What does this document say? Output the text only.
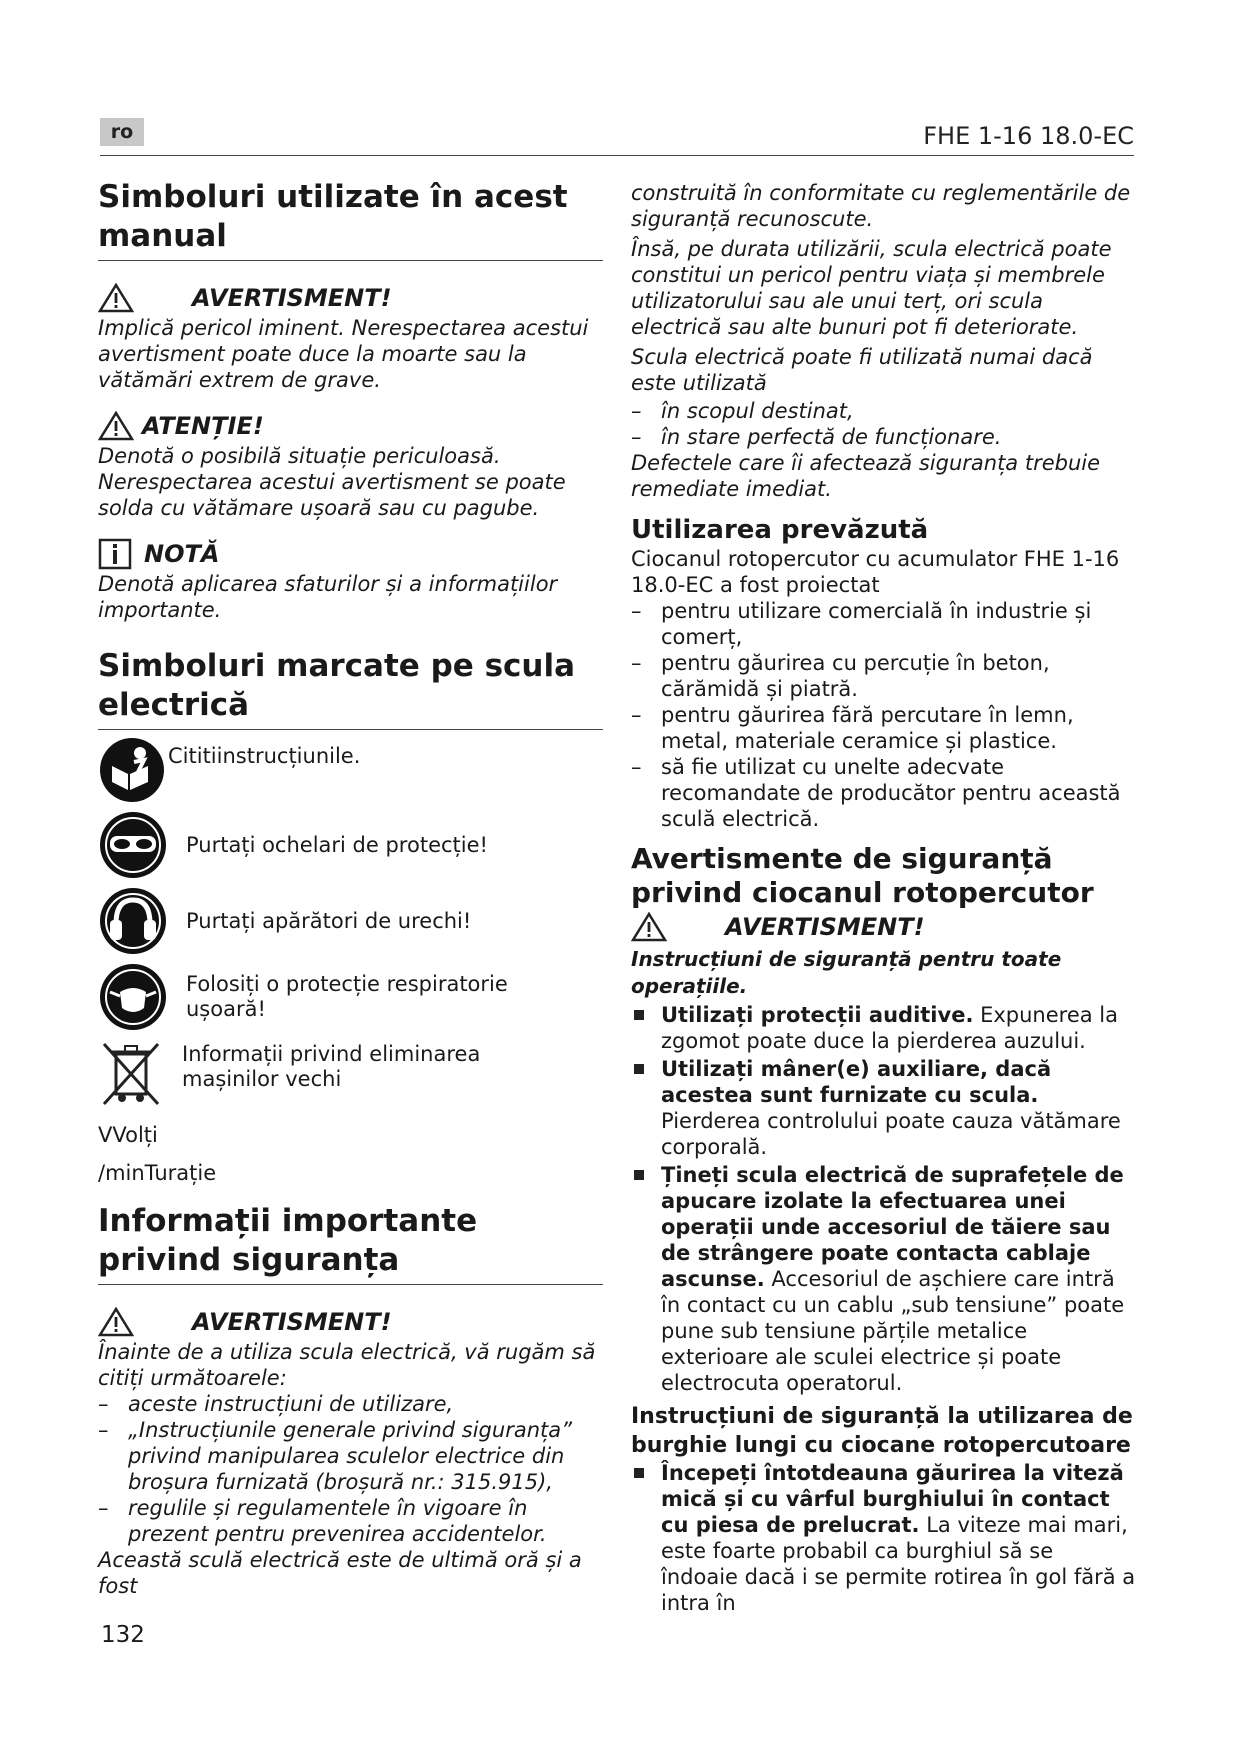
ro	FHE 1-16 18.0-EC
Simboluri utilizate în acest manual
AVERTISMENT!
Implică pericol iminent. Nerespectarea acestui avertisment poate duce la moarte sau la vătămări extrem de grave.
ATENȚIE!
Denotă o posibilă situație periculoasă. Nerespectarea acestui avertisment se poate solda cu vătămare ușoară sau cu pagube.
NOTĂ
Denotă aplicarea sfaturilor și a informațiilor importante.
Simboluri marcate pe scula electrică
Cititiinstrucțiunile.
Purtați ochelari de protecție!
Purtați apărători de urechi!
Folosiți o protecție respiratorie ușoară!
Informații privind eliminarea mașinilor vechi
VVolți
/minTurație
Informații importante privind siguranța
AVERTISMENT!
Înainte de a utiliza scula electrică, vă rugăm să citiți următoarele:
– aceste instrucțiuni de utilizare,
– „Instrucțiunile generale privind siguranța” privind manipularea sculelor electrice din broșura furnizată (broșură nr.: 315.915),
– regulile și regulamentele în vigoare în prezent pentru prevenirea accidentelor.
Această sculă electrică este de ultimă oră și a fost
construită în conformitate cu reglementările de siguranță recunoscute.
Însă, pe durata utilizării, scula electrică poate constitui un pericol pentru viața și membrele utilizatorului sau ale unui terț, ori scula electrică sau alte bunuri pot fi deteriorate.
Scula electrică poate fi utilizată numai dacă este utilizată
– în scopul destinat,
– în stare perfectă de funcționare.
Defectele care îi afectează siguranța trebuie remediate imediat.
Utilizarea prevăzută
Ciocanul rotopercutor cu acumulator FHE 1-16 18.0-EC a fost proiectat
– pentru utilizare comercială în industrie și comerț,
– pentru găurirea cu percuție în beton, cărămidă și piatră.
– pentru găurirea fără percutare în lemn, metal, materiale ceramice și plastice.
– să fie utilizat cu unelte adecvate recomandate de producător pentru această sculă electrică.
Avertismente de siguranță privind ciocanul rotopercutor
AVERTISMENT!
Instrucțiuni de siguranță pentru toate operațiile.
Utilizați protecții auditive. Expunerea la zgomot poate duce la pierderea auzului.
Utilizați mâner(e) auxiliare, dacă acestea sunt furnizate cu scula. Pierderea controlului poate cauza vătămare corporală.
Țineți scula electrică de suprafețele de apucare izolate la efectuarea unei operații unde accesoriul de tăiere sau de strângere poate contacta cablaje ascunse. Accesoriul de așchiere care intră în contact cu un cablu „sub tensiune” poate pune sub tensiune părțile metalice exterioare ale sculei electrice și poate electrocuta operatorul.
Instrucțiuni de siguranță la utilizarea de burghie lungi cu ciocane rotopercutoare
Începeți întotdeauna găurirea la viteză mică și cu vârful burghiului în contact cu piesa de prelucrat. La viteze mai mari, este foarte probabil ca burghiul să se îndoaie dacă i se permite rotirea în gol fără a intra în
132
